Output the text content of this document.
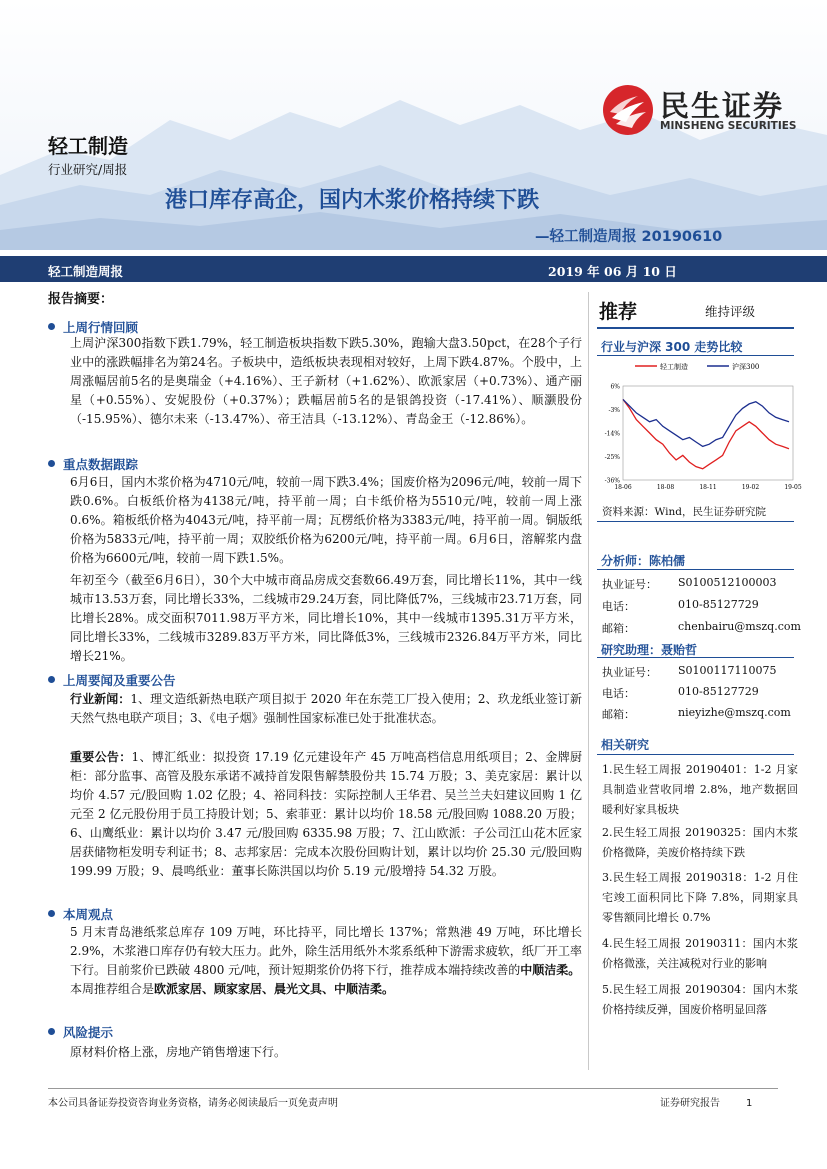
民生证券
MINSHENG SECURITIES
轻工制造
行业研究/周报
港口库存高企，国内木浆价格持续下跌
—轻工制造周报 20190610
轻工制造周报	2019 年 06 月 10 日
报告摘要：
上周行情回顾
上周沪深300指数下跌1.79%，轻工制造板块指数下跌5.30%，跑输大盘3.50pct，在28个子行业中的涨跌幅排名为第24名。子板块中，造纸板块表现相对较好，上周下跌4.87%。个股中，上周涨幅居前5名的是奥瑞金（+4.16%）、王子新材（+1.62%）、欧派家居（+0.73%）、通产丽星（+0.55%）、安妮股份（+0.37%）；跌幅居前5名的是银鸽投资（-17.41%）、顺灏股份（-15.95%）、德尔未来（-13.47%）、帝王洁具（-13.12%）、青岛金王（-12.86%）。
重点数据跟踪
6月6日，国内木浆价格为4710元/吨，较前一周下跌3.4%；国废价格为2096元/吨，较前一周下跌0.6%。白板纸价格为4138元/吨，持平前一周；白卡纸价格为5510元/吨，较前一周上涨0.6%。箱板纸价格为4043元/吨，持平前一周；瓦楞纸价格为3383元/吨，持平前一周。铜版纸价格为5833元/吨，持平前一周；双胶纸价格为6200元/吨，持平前一周。6月6日，溶解浆内盘价格为6600元/吨，较前一周下跌1.5%。
年初至今（截至6月6日），30个大中城市商品房成交套数66.49万套，同比增长11%，其中一线城市13.53万套，同比增长33%，二线城市29.24万套，同比降低7%，三线城市23.71万套，同比增长28%。成交面积7011.98万平方米，同比增长10%，其中一线城市1395.31万平方米，同比增长33%，二线城市3289.83万平方米，同比降低3%，三线城市2326.84万平方米，同比增长21%。
上周要闻及重要公告
行业新闻：1、理文造纸新热电联产项目拟于 2020 年在东莞工厂投入使用；2、玖龙纸业签订新天然气热电联产项目；3、《电子烟》强制性国家标准已处于批准状态。
重要公告：1、博汇纸业：拟投资 17.19 亿元建设年产 45 万吨高档信息用纸项目；2、金牌厨柜：部分监事、高管及股东承诺不减持首发限售解禁股份共 15.74 万股；3、美克家居：累计以均价 4.57 元/股回购 1.02 亿股；4、裕同科技：实际控制人王华君、吴兰兰夫妇建议回购 1 亿元至 2 亿元股份用于员工持股计划；5、索菲亚：累计以均价 18.58 元/股回购 1088.20 万股；6、山鹰纸业：累计以均价 3.47 元/股回购 6335.98 万股；7、江山欧派：子公司江山花木匠家居获储物柜发明专利证书；8、志邦家居：完成本次股份回购计划，累计以均价 25.30 元/股回购 199.99 万股；9、晨鸣纸业：董事长陈洪国以均价 5.19 元/股增持 54.32 万股。
本周观点
5 月末青岛港纸浆总库存 109 万吨，环比持平，同比增长 137%；常熟港 49 万吨，环比增长 2.9%，木浆港口库存仍有较大压力。此外，除生活用纸外木浆系纸种下游需求疲软，纸厂开工率下行。目前浆价已跌破 4800 元/吨，预计短期浆价仍将下行，推荐成本端持续改善的中顺洁柔。
本周推荐组合是欧派家居、顾家家居、晨光文具、中顺洁柔。
风险提示
原材料价格上涨，房地产销售增速下行。
推荐	维持评级
行业与沪深 300 走势比较
轻工制造	沪深300
6%
-3%
-14%
-25%
-36%
18-06	18-08	18-11	19-02	19-05
资料来源：Wind，民生证券研究院
分析师：陈柏儒
执业证号： S0100512100003
电话：	010-85127729
邮箱：	chenbairu@mszq.com
研究助理：聂贻哲
执业证号： S0100117110075
电话：	010-85127729
邮箱：	nieyizhe@mszq.com
相关研究
1.民生轻工周报 20190401：1-2 月家具制造业营收同增 2.8%，地产数据回暖利好家具板块
2.民生轻工周报 20190325：国内木浆价格微降，美废价格持续下跌
3.民生轻工周报 20190318：1-2 月住宅竣工面积同比下降 7.8%，同期家具零售额同比增长 0.7%
4.民生轻工周报 20190311：国内木浆价格微涨，关注减税对行业的影响
5.民生轻工周报 20190304：国内木浆价格持续反弹，国废价格明显回落
本公司具备证券投资咨询业务资格，请务必阅读最后一页免责声明	证券研究报告	1
